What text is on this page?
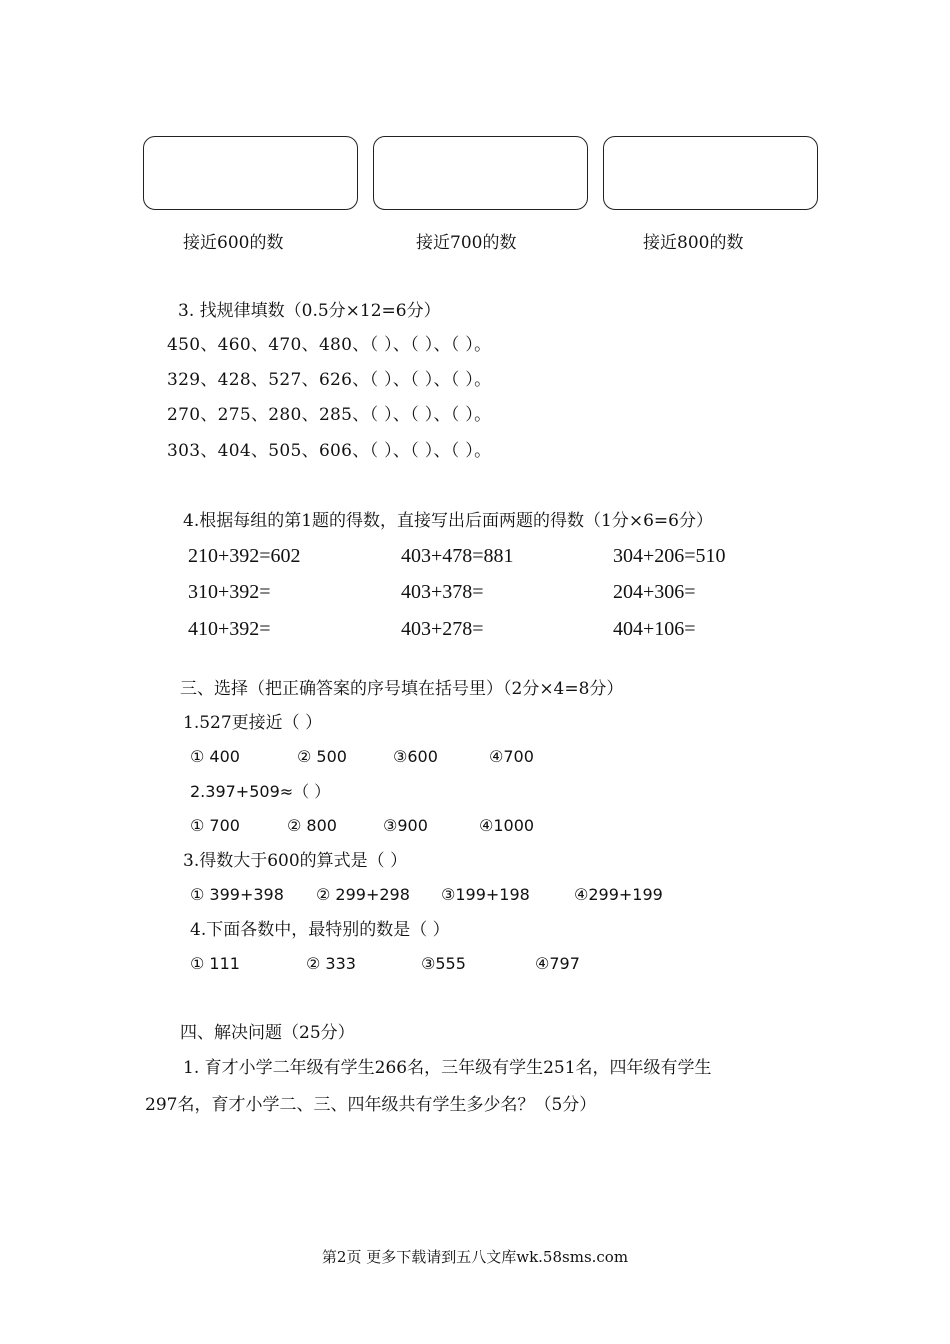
接近600的数	接近700的数	接近800的数
3. 找规律填数（0.5分×12=6分）
450、460、470、480、（ ）、（ ）、（ ）。
329、428、527、626、（ ）、（ ）、（ ）。
270、275、280、285、（ ）、（ ）、（ ）。
303、404、505、606、（ ）、（ ）、（ ）。
4.根据每组的第1题的得数，直接写出后面两题的得数（1分×6=6分）
210+392=602	403+478=881	304+206=510
310+392=	403+378=	204+306=
410+392=	403+278=	404+106=
三、选择（把正确答案的序号填在括号里）（2分×4=8分）
1.527更接近（ ）
① 400	② 500	③600	④700
2.397+509≈（ ）
① 700	② 800	③900	④1000
3.得数大于600的算式是（ ）
① 399+398 ② 299+298 ③199+198	④299+199
4.下面各数中，最特别的数是（ ）
① 111	② 333	③555	④797
四、解决问题（25分）
1. 育才小学二年级有学生266名，三年级有学生251名，四年级有学生
297名，育才小学二、三、四年级共有学生多少名？（5分）
第2页 更多下载请到五八文库wk.58sms.com
